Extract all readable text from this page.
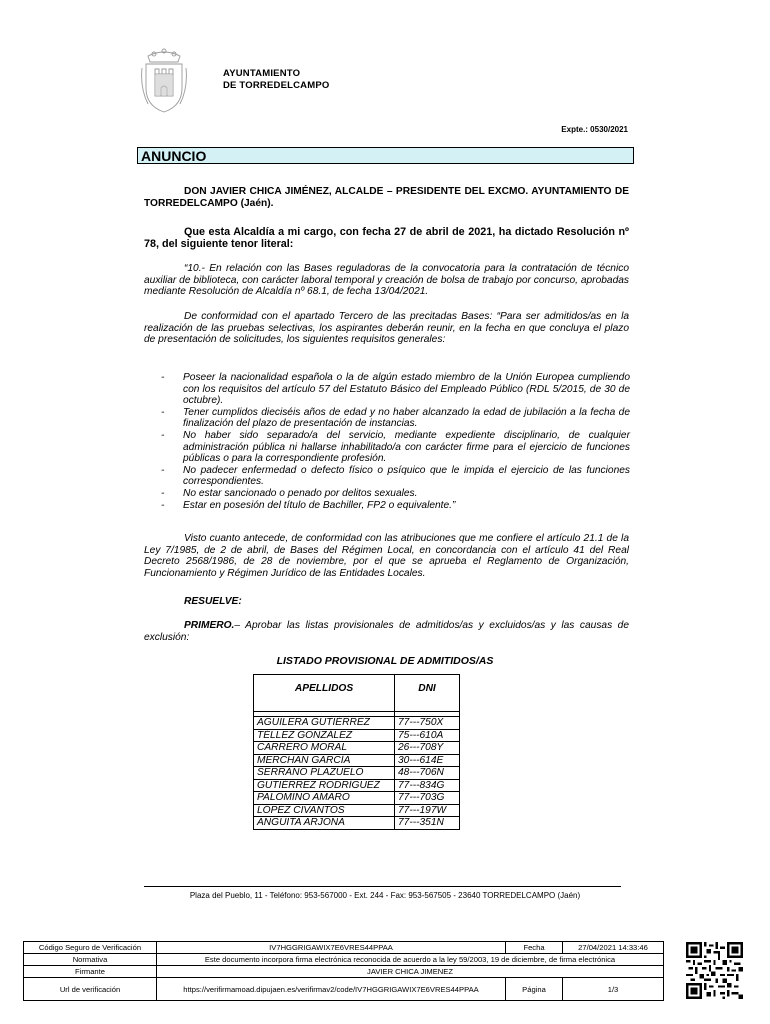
AYUNTAMIENTO
DE TORREDELCAMPO
Expte.: 0530/2021
ANUNCIO
DON JAVIER CHICA JIMÉNEZ, ALCALDE – PRESIDENTE DEL EXCMO. AYUNTAMIENTO DE TORREDELCAMPO (Jaén).
Que esta Alcaldía a mi cargo, con fecha 27 de abril de 2021, ha dictado Resolución nº 78, del siguiente tenor literal:
“10.- En relación con las Bases reguladoras de la convocatoria para la contratación de técnico auxiliar de biblioteca, con carácter laboral temporal y creación de bolsa de trabajo por concurso, aprobadas mediante Resolución de Alcaldía nº 68.1, de fecha 13/04/2021.
De conformidad con el apartado Tercero de las precitadas Bases: “Para ser admitidos/as en la realización de las pruebas selectivas, los aspirantes deberán reunir, en la fecha en que concluya el plazo de presentación de solicitudes, los siguientes requisitos generales:
- Poseer la nacionalidad española o la de algún estado miembro de la Unión Europea cumpliendo con los requisitos del artículo 57 del Estatuto Básico del Empleado Público (RDL 5/2015, de 30 de octubre).
- Tener cumplidos dieciséis años de edad y no haber alcanzado la edad de jubilación a la fecha de finalización del plazo de presentación de instancias.
- No haber sido separado/a del servicio, mediante expediente disciplinario, de cualquier administración pública ni hallarse inhabilitado/a con carácter firme para el ejercicio de funciones públicas o para la correspondiente profesión.
- No padecer enfermedad o defecto físico o psíquico que le impida el ejercicio de las funciones correspondientes.
- No estar sancionado o penado por delitos sexuales.
- Estar en posesión del título de Bachiller, FP2 o equivalente.”
Visto cuanto antecede, de conformidad con las atribuciones que me confiere el artículo 21.1 de la Ley 7/1985, de 2 de abril, de Bases del Régimen Local, en concordancia con el artículo 41 del Real Decreto 2568/1986, de 28 de noviembre, por el que se aprueba el Reglamento de Organización, Funcionamiento y Régimen Jurídico de las Entidades Locales.
RESUELVE:
PRIMERO.– Aprobar las listas provisionales de admitidos/as y excluidos/as y las causas de exclusión:
LISTADO PROVISIONAL DE ADMITIDOS/AS
APELLIDOS	DNI

AGUILERA GUTIÉRREZ	77---750X
TÉLLEZ GONZÁLEZ	75---610A
CARRERO MORAL	26---708Y
MERCHAN GARCÍA	30---614E
SERRANO PLAZUELO	48---706N
GUTIÉRREZ RODRÍGUEZ	77---834G
PALOMINO AMARO	77---703G
LÓPEZ CIVANTOS	77---197W
ANGUITA ARJONA	77---351N
Plaza del Pueblo, 11 - Teléfono: 953-567000 - Ext. 244 - Fax: 953-567505 - 23640 TORREDELCAMPO (Jaén)
Código Seguro de Verificación	IV7HGGRIGAWIX7E6VRES44PPAA	Fecha	27/04/2021 14:33:46
Normativa	Este documento incorpora firma electrónica reconocida de acuerdo a la ley 59/2003, 19 de diciembre, de firma electrónica		
Firmante	JAVIER CHICA JIMENEZ		
Url de verificación	https://verifirmamoad.dipujaen.es/verifirmav2/code/IV7HGGRIGAWIX7E6VRES44PPAA	Página	1/3
